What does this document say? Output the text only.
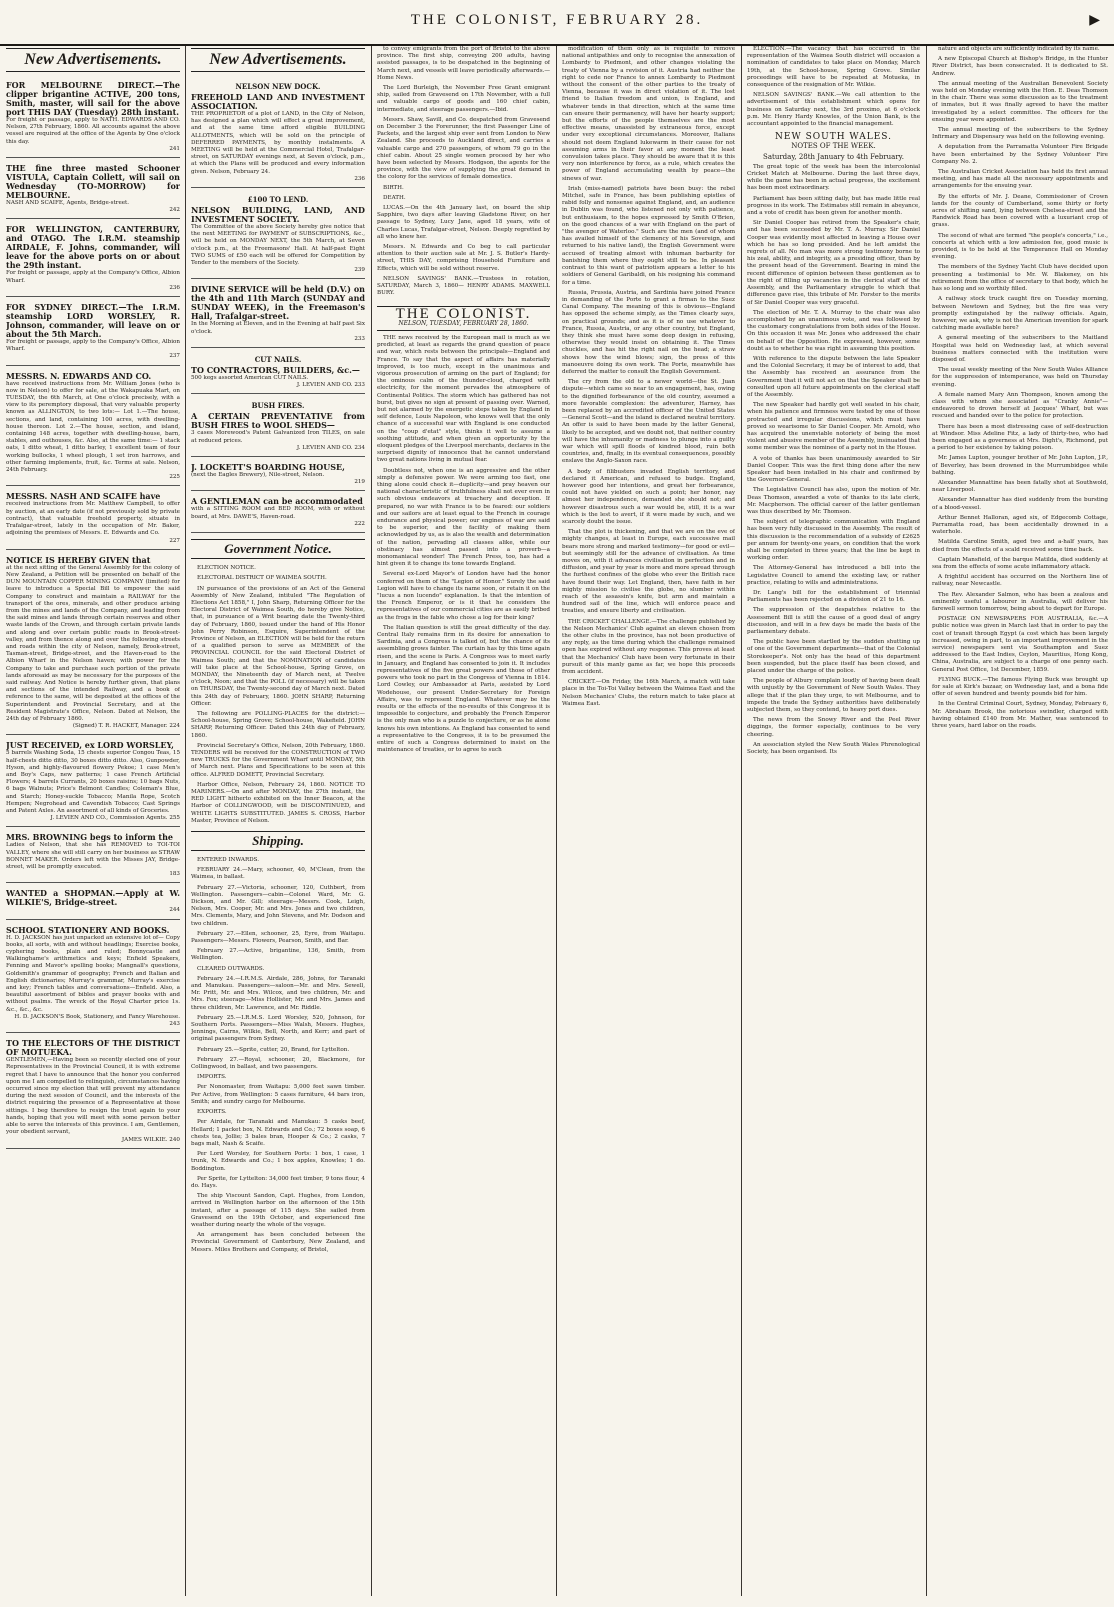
THE COLONIST, FEBRUARY 28.	▶
New Advertisements.
FOR MELBOURNE DIRECT.—The clipper brigantine ACTIVE, 200 tons, Smith, master, will sail for the above port THIS DAY (Tuesday) 28th instant.
For freight or passage, apply to NATH. EDWARDS AND CO. Nelson, 27th February, 1860. All accounts against the above vessel are required at the office of the Agents by One o'clock this day.
241
THE fine three masted Schooner VISTULA, Captain Collett, will sail on Wednesday (TO-MORROW) for MELBOURNE.
NASH AND SCAIFE, Agents, Bridge-street.
242
FOR WELLINGTON, CANTERBURY, and OTAGO. The I.R.M. steamship AIRDALE, F. Johns, commander, will leave for the above ports on or about the 29th instant.
For freight or passage, apply at the Company's Office, Albion Wharf.
236
FOR SYDNEY DIRECT.—The I.R.M. steamship LORD WORSLEY, R. Johnson, commander, will leave on or about the 5th March.
For freight or passage, apply to the Company's Office, Albion Wharf.
237
MESSRS. N. EDWARDS AND CO.
have received instructions from Mr. William Jones (who is now in Nelson) to offer for sale, at the Wakapuaka Mart, on TUESDAY, the 6th March, at One o'clock precisely, with a view to its peremptory disposal, that very valuable property known as ALLINGTON, to two lots:— Lot 1.—The house, sections, and land, containing 100 acres, with dwelling-house thereon. Lot 2.—The house, section, and island, containing 148 acres, together with dwelling-house, barn, stables, and outhouses, &c. Also, at the same time:— 1 stack oats, 1 ditto wheat, 1 ditto barley, 1 excellent team of four working bullocks, 1 wheel plough, 1 set iron harrows, and other farming implements, fruit, &c. Terms at sale. Nelson, 24th February.
225
MESSRS. NASH AND SCAIFE have
received instructions from Mr. Matthew Campbell, to offer by auction, at an early date (if not previously sold by private contract), that valuable freehold property, situate in Trafalgar-street, lately in the occupation of Mr. Baker, adjoining the premises of Messrs. E. Edwards and Co.
227
NOTICE IS HEREBY GIVEN that
at the next sitting of the General Assembly for the colony of New Zealand, a Petition will be presented on behalf of the DUN MOUNTAIN COPPER MINING COMPANY (limited) for leave to introduce a Special Bill to empower the said Company to construct and maintain a RAILWAY for the transport of the ores, minerals, and other produce arising from the mines and lands of the Company, and leading from the said mines and lands through certain reserves and other waste lands of the Crown, and through certain private lands and along and over certain public roads in Brook-street-valley, and from thence along and over the following streets and roads within the city of Nelson, namely, Brook-street, Tasman-street, Bridge-street, and the Haven-road to the Albion Wharf in the Nelson haven; with power for the Company to take and purchase such portion of the private lands aforesaid as may be necessary for the purposes of the said railway. And Notice is hereby further given, that plans and sections of the intended Railway, and a book of reference to the same, will be deposited at the offices of the Superintendent and Provincial Secretary, and at the Resident Magistrate's Office, Nelson. Dated at Nelson, the 24th day of February 1860.
(Signed) T. R. HACKET, Manager. 224
JUST RECEIVED, ex LORD WORSLEY,
5 barrels Washing Soda, 15 chests superior Congou Teas, 15 half-chests ditto ditto, 30 boxes ditto ditto. Also, Gunpowder, Hyson, and highly-flavoured flowery Pekoe; 1 case Men's and Boy's Caps, new patterns; 1 case French Artificial Flowers; 4 barrels Currants, 20 boxes raisins; 10 bags Nuts, 6 bags Walnuts; Price's Belmont Candles; Coleman's Blue, and Starch; Honey-suckle Tobacco; Manila Rope, Scotch Hempen; Negrohead and Cavendish Tobacco; Cast Springs and Patent Axles. An assortment of all kinds of Groceries.
J. LEVIEN AND CO., Commission Agents. 255
MRS. BROWNING begs to inform the
Ladies of Nelson, that she has REMOVED to TOI-TOI VALLEY, where she will still carry on her business as STRAW BONNET MAKER. Orders left with the Misses JAY, Bridge-street, will be promptly executed.
183
WANTED a SHOPMAN.—Apply at W. WILKIE'S, Bridge-street.
244
SCHOOL STATIONERY AND BOOKS.
H. D. JACKSON has just unpacked an extensive lot of— Copy books, all sorts, with and without headlings; Exercise books, cyphering books, plain and ruled; Bonnycastle and Walkinghame's arithmetics and keys; Enfield Speakers, Fenning and Mavor's spelling books; Mangnall's questions, Goldsmith's grammar of geography; French and Italian and English dictionaries; Murray's grammar, Murray's exercise and key; French tables and conversations—Enfield. Also, a beautiful assortment of bibles and prayer books with and without psalms. The wreck of the Royal Charter price 1s. &c., &c., &c.
H. D. JACKSON'S Book, Stationery, and Fancy Warehouse. 243
TO THE ELECTORS OF THE DISTRICT OF MOTUEKA.
GENTLEMEN,—Having been so recently elected one of your Representatives in the Provincial Council, it is with extreme regret that I have to announce that the honor you conferred upon me I am compelled to relinquish, circumstances having occurred since my election that will prevent my attendance during the next session of Council, and the interests of the district requiring the presence of a Representative at those sittings. I beg therefore to resign the trust again to your hands, hoping that you will meet with some person better able to serve the interests of this province. I am, Gentlemen, your obedient servant,
JAMES WILKIE. 240
New Advertisements.
NELSON NEW DOCK.
FREEHOLD LAND AND INVESTMENT ASSOCIATION.
THE PROPRIETOR of a plot of LAND, in the City of Nelson, has designed a plan which will effect a great improvement, and at the same time afford eligible BUILDING ALLOTMENTS, which will be sold on the principle of DEFERRED PAYMENTS, by monthly instalments. A MEETING will be held at the Commercial Hotel, Trafalgar-street, on SATURDAY evenings next, at Seven o'clock, p.m., at which the Plans will be produced and every information given. Nelson, February 24.
236
£100 TO LEND.
NELSON BUILDING, LAND, AND INVESTMENT SOCIETY.
The Committee of the above Society hereby give notice that the next MEETING for PAYMENT of SUBSCRIPTIONS, &c., will be held on MONDAY NEXT, the 5th March, at Seven o'clock p.m., at the Freemasons' Hall. At half-past Eight TWO SUMS of £50 each will be offered for Competition by Tender to the members of the Society.
239
DIVINE SERVICE will be held (D.V.) on the 4th and 11th March (SUNDAY and SUNDAY WEEK), in the Freemason's Hall, Trafalgar-street.
In the Morning at Eleven, and in the Evening at half past Six o'clock.
233
CUT NAILS.
TO CONTRACTORS, BUILDERS, &c.—
500 kegs assorted American CUT NAILS.
J. LEVIEN AND CO. 233
BUSH FIRES.
A CERTAIN PREVENTATIVE from BUSH FIRES to WOOL SHEDS—
3 cases Morewood's Patent Galvanized Iron TILES, on sale at reduced prices.
J. LEVIEN AND CO. 234
J. LOCKETT'S BOARDING HOUSE,
(next the Eagles Brewery), Nile-street, Nelson.
219
A GENTLEMAN can be accommodated
with a SITTING ROOM and BED ROOM, with or without board, at Mrs. DAWE'S, Haven-road.
222
Government Notice.

ELECTION NOTICE.

ELECTORAL DISTRICT OF WAIMEA SOUTH.

IN pursuance of the provisions of an Act of the General Assembly of New Zealand, intituled "The Regulation of Elections Act 1858," I, John Sharp, Returning Officer for the Electoral District of Waimea South, do hereby give Notice, that, in pursuance of a Writ bearing date the Twenty-third day of February, 1860, issued under the hand of His Honor John Perry Robinson, Esquire, Superintendent of the Province of Nelson, an ELECTION will be held for the return of a qualified person to serve as MEMBER of the PROVINCIAL COUNCIL for the said Electoral District of Waimea South; and that the NOMINATION of candidates will take place at the School-house, Spring Grove, on MONDAY, the Nineteenth day of March next, at Twelve o'clock, Noon; and that the POLL (if necessary) will be taken on THURSDAY, the Twenty-second day of March next. Dated this 24th day of February, 1860. JOHN SHARP, Returning Officer.

The following are POLLING-PLACES for the district:— School-house, Spring Grove; School-house, Wakefield. JOHN SHARP, Returning Officer. Dated this 24th day of February, 1860.

Provincial Secretary's Office, Nelson, 20th February, 1860. TENDERS will be received for the CONSTRUCTION of TWO new TRUCKS for the Government Wharf until MONDAY, 5th of March next. Plans and Specifications to be seen at this office. ALFRED DOMETT, Provincial Secretary.

Harbor Office, Nelson, February 24, 1860. NOTICE TO MARINERS.—On and after MONDAY, the 27th instant, the RED LIGHT hitherto exhibited on the Inner Beacon, at the Harbor of COLLINGWOOD, will be DISCONTINUED, and WHITE LIGHTS SUBSTITUTED. JAMES S. CROSS, Harbor Master, Province of Nelson.

Shipping.

ENTERED INWARDS.

FEBRUARY 24.—Mary, schooner, 40, M'Clean, from the Waimea, in ballast.

February 27.—Victoria, schooner, 120, Cuthbert, from Wellington. Passengers—cabin—Colonel Ward, Mr. G. Dickson, and Mr. Gill; steerage—Messrs. Cook, Leigh, Nelson, Mrs. Cooper, Mr. and Mrs. Jones and two children, Mrs. Clements, Mary, and John Stevens, and Mr. Dodson and two children.

February 27.—Ellen, schooner, 25, Eyre, from Waitapu. Passengers—Messrs. Flowers, Pearson, Smith, and Bar.

February 27.—Active, brigantine, 136, Smith, from Wellington.

CLEARED OUTWARDS.

February 24.—I.R.M.S. Airdale, 286, Johns, for Taranaki and Manukau. Passengers—saloon—Mr. and Mrs. Sewell, Mr. Pritt, Mr. and Mrs. Wilcox, and two children, Mr. and Mrs. Fox; steerage—Miss Hollister, Mr. and Mrs. James and three children, Mr. Lawrence, and Mr. Riddle.

February 25.—I.R.M.S. Lord Worsley, 520, Johnson, for Southern Ports. Passengers—Miss Walsh, Messrs. Hughes, Jennings, Cairns, Wilkie, Bell, North, and Kerr; and part of original passengers from Sydney.

February 25.—Sprite, cutter, 20, Brand, for Lyttelton.

February 27.—Royal, schooner, 20, Blackmore, for Collingwood, in ballast, and two passengers.

IMPORTS.

Per Nonomaster, from Waitapu: 5,000 feet sawn timber. Per Active, from Wellington: 5 cases furniture, 44 bars iron, Smith; and sundry cargo for Melbourne.

EXPORTS.

Per Airdale, for Taranaki and Manukau: 5 casks beef, Hellard; 1 packet box, N. Edwards and Co.; 72 boxes soap, 6 chests tea, Jollie; 3 bales bran, Hooper & Co.; 2 casks, 7 bags malt, Nash & Scaife.

Per Lord Worsley, for Southern Ports: 1 box, 1 case, 1 trunk, N. Edwards and Co.; 1 box apples, Knowles; 1 do. Boddington.

Per Sprite, for Lyttelton: 34,000 feet timber, 9 tons flour, 4 do. Hays.

The ship Viscount Sandon, Capt. Hughes, from London, arrived in Wellington harbor on the afternoon of the 15th instant, after a passage of 115 days. She sailed from Gravesend on the 19th October, and experienced fine weather during nearly the whole of the voyage.

An arrangement has been concluded between the Provincial Government of Canterbury, New Zealand, and Messrs. Miles Brothers and Company, of Bristol,

to convey emigrants from the port of Bristol to the above province. The first ship, conveying 200 adults, having assisted passages, is to be despatched in the beginning of March next, and vessels will leave periodically afterwards.—Home News.

The Lord Burleigh, the November Free Grant emigrant ship, sailed from Gravesend on 17th November, with a full and valuable cargo of goods and 160 chief cabin, intermediate, and steerage passengers.—Ibid.

Messrs. Shaw, Savill, and Co. despatched from Gravesend on December 3 the Forerunner, the first Passenger Line of Packets, and the largest ship ever sent from London to New Zealand. She proceeds to Auckland direct, and carries a valuable cargo and 270 passengers, of whom 79 go in the chief cabin. About 25 single women proceed by her who have been selected by Messrs. Hodgson, the agents for the province, with the view of supplying the great demand in the colony for the services of female domestics.

BIRTH.

DEATH.

LUCAS.—On the 4th January last, on board the ship Sapphire, two days after leaving Gladstone River, on her passage to Sydney, Lucy Jane, aged 18 years, wife of Charles Lucas, Trafalgar-street, Nelson. Deeply regretted by all who knew her.

Messrs. N. Edwards and Co beg to call particular attention to their auction sale at Mr. J. S. Butler's Hardy-street, THIS DAY, comprising Household Furniture and Effects, which will be sold without reserve.

NELSON SAVINGS' BANK.—Trustees in rotation, SATURDAY, March 3, 1860— HENRY ADAMS. MAXWELL BURY.

THE COLONIST.
NELSON, TUESDAY, FEBRUARY 28, 1860.

THE news received by the European mail is much as we predicted, at least as regards the grand question of peace and war, which rests between the principals—England and France. To say that the aspect of affairs has materially improved, is too much, except in the unanimous and vigorous prosecution of arming on the part of England; for the ominous calm of the thunder-cloud, charged with electricity, for the moment pervades the atmosphere of Continental Politics. The storm which has gathered has not burst, but gives no sign at present of passing over. Warned, but not alarmed by the energetic steps taken by England in self defence, Louis Napoleon, who knows well that the only chance of a successful war with England is one conducted on the "coup d'etat" style, thinks it well to assume a soothing attitude, and when given an opportunity by the eloquent pledges of the Liverpool merchants, declares in the surprised dignity of innocence that he cannot understand two great nations living in mutual fear.

Doubtless not, when one is an aggressive and the other simply a defensive power. We were arming too fast, one thing alone could check it—duplicity—and pray heaven our national characteristic of truthfulness shall not ever even in such obvious endeavors at treachery and deception. If prepared, no war with France is to be feared: our soldiers and our sailors are at least equal to the French in courage endurance and physical power; our engines of war are said to be superior, and the facility of making them acknowledged by us, as is also the wealth and determination of the nation, pervading all classes alike, while our obstinacy has almost passed into a proverb—a monomaniacal wonder! The French Press, too, has had a hint given it to change its tone towards England.

Several ex-Lord Mayor's of London have had the honor conferred on them of the "Legion of Honor." Surely the said Legion will have to change its name soon, or retain it on the "lucus a non lucendo" explanation. Is that the intention of the French Emperor, or is it that he considers the representatives of our commercial cities are as easily bribed as the frogs in the fable who chose a log for their king?

The Italian question is still the great difficulty of the day. Central Italy remains firm in its desire for annexation to Sardinia, and a Congress is talked of, but the chance of its assembling grows fainter. The curtain has by this time again risen, and the scene is Paris. A Congress was to meet early in January, and England has consented to join it. It includes representatives of the five great powers and those of other powers who took no part in the Congress of Vienna in 1814. Lord Cowley, our Ambassador at Paris, assisted by Lord Wodehouse, our present Under-Secretary for Foreign Affairs, was to represent England. Whatever may be the results or the effects of the no-results of this Congress it is impossible to conjecture, and probably the French Emperor is the only man who is a puzzle to conjecture, or as he alone knows his own intentions. As England has consented to send a representative to the Congress, it is to be presumed the entire of such a Congress determined to insist on the maintenance of treaties, or to agree to such

modification of them only as is requisite to remove national antipathies and only to recognise the annexation of Lombardy to Piedmont, and other changes violating the treaty of Vienna by a revision of it. Austria had neither the right to cede nor France to annex Lombardy to Piedmont without the consent of the other parties to the treaty of Vienna, because it was in direct violation of it. The lost friend to Italian freedom and union, is England, and whatever tends in that direction, which at the same time can ensure their permanency, will have her hearty support; but the efforts of the people themselves are the most effective means, unassisted by extraneous force, except under very exceptional circumstances. Moreover, Italians should not deem England lukewarm in their cause for not assuming arms in their favor at any moment the least convulsion takes place. They should be aware that it is this very non interference by force, as a rule, which creates the power of England accumulating wealth by peace—the sinews of war.

Irish (miss-named) patriots have been busy: the rebel Mitchel, safe in France, has been publishing epistles of rabid folly and nonsense against England, and, an audience in Dublin was found, who listened not only with patience, but enthusiasm, to the hopes expressed by Smith O'Brien, on the good chances of a war with England on the part of "the avenger of Waterloo." Such are the men (and of whom has availed himself of the clemency of his Sovereign, and returned to his native land), the English Government were accused of treating almost with inhuman barbarity for banishing them where they ought still to be. In pleasant contrast to this want of patriotism appears a letter to his soldiers of General Garibaldi, on his resigning his command for a time.

Russia, Prussia, Austria, and Sardinia have joined France in demanding of the Porte to grant a firman to the Suez Canal Company. The meaning of this is obvious—England has opposed the scheme simply, as the Times clearly says, on practical grounds; and as it is of no use whatever to France, Russia, Austria, or any other country, but England, they think she must have some deep design in refusing, otherwise they would insist on obtaining it. The Times chuckles, and has hit the right nail on the head; a straw shows how the wind blows; sign, the press of this manoeuvre doing its own work. The Porte, meanwhile has deferred the matter to consult the English Government.

The cry from the old to a newer world—the St. Juan dispute—which came so near to an engagement, has, owing to the dignified forbearance of the old country, assumed a more favorable complexion: the adventurer, Harney, has been replaced by an accredited officer of the United States—General Scott—and the island is declared neutral territory. An offer is said to have been made by the latter General, likely to be accepted, and we doubt not, that neither country will have the inhumanity or madness to plunge into a guilty war which will spill floods of kindred blood, ruin both countries, and, finally, in its eventual consequences, possibly enslave the Anglo-Saxon race.

A body of filibusters invaded English territory, and declared it American, and refused to budge. England, however good her intentions, and great her forbearance, could not have yielded on such a point; her honor, nay almost her independence, demanded she should not; and however disastrous such a war would be, still, it is a war which is the lest to avert, if it were made by such, and we scarcely doubt the issue.

That the plot is thickening, and that we are on the eve of mighty changes, at least in Europe, each successive mail bears more strong and marked testimony—for good or evil—but seemingly still for the advance of civilisation. As time moves on, with it advances civilisation in perfection and in diffusion, and year by year is more and more spread through the furthest confines of the globe who ever the British race have found their way. Let England, then, have faith in her mighty mission to civilise the globe, no slumber within reach of the assassin's knife, but arm and maintain a hundred sail of the line, which will enforce peace and treaties, and ensure liberty and civilisation.

THE CRICKET CHALLENGE.—The challenge published by the Nelson Mechanics' Club against an eleven chosen from the other clubs in the province, has not been productive of any reply, as the time during which the challenge remained open has expired without any response. This proves at least that the Mechanics' Club have been very fortunate in their pursuit of this manly game as far, we hope this proceeds from accident.

CRICKET.—On Friday, the 16th March, a match will take place in the Toi-Toi Valley between the Waimea East and the Nelson Mechanics' Clubs, the return match to take place at Waimea East.

ELECTION.—The vacancy that has occurred in the representation of the Waimea South district will occasion a nomination of candidates to take place on Monday, March 19th, at the School-house, Spring Grove. Similar proceedings will have to be repeated at Motueka, in consequence of the resignation of Mr. Wilkie.

NELSON SAVINGS' BANK.—We call attention to the advertisement of this establishment which opens for business on Saturday next, the 3rd proximo, at 6 o'clock p.m. Mr. Henry Hardy Knowles, of the Union Bank, is the accountant appointed to the financial management.

NEW SOUTH WALES.
NOTES OF THE WEEK.
Saturday, 28th January to 4th February.

The great topic of the week has been the intercolonial Cricket Match at Melbourne. During the last three days, while the game has been in actual progress, the excitement has been most extraordinary.

Parliament has been sitting daily, but has made little real progress in its work. The Estimates still remain in abeyance, and a vote of credit has been given for another month.

Sir Daniel Cooper has retired from the Speaker's chair, and has been succeeded by Mr. T. A. Murray. Sir Daniel Cooper was evidently most affected in leaving a House over which he has so long presided. And he left amidst the regrets of all. No man was more strong testimony borne to his zeal, ability, and integrity, as a presiding officer, than by the present head of the Government. Bearing in mind the recent difference of opinion between these gentlemen as to the right of filling up vacancies in the clerical staff of the Assembly, and the Parliamentary struggle to which that difference gave rise, this tribute of Mr. Forster to the merits of Sir Daniel Cooper was very graceful.

The election of Mr. T. A. Murray to the chair was also accomplished by an unanimous vote, and was followed by the customary congratulations from both sides of the House. On this occasion it was Mr. Jones who addressed the chair on behalf of the Opposition. He expressed, however, some doubt as to whether he was right in assuming this position.

With reference to the dispute between the late Speaker and the Colonial Secretary, it may be of interest to add, that the Assembly has received an assurance from the Government that it will not act on that the Speaker shall be consulted upon all future appointments on the clerical staff of the Assembly.

The new Speaker had hardly got well seated in his chair, when his patience and firmness were tested by one of those protracted and irregular discussions, which must have proved so wearisome to Sir Daniel Cooper. Mr. Arnold, who has acquired the unenviable notoriety of being the most violent and abusive member of the Assembly, insinuated that some member was the nominee of a party not in the House.

A vote of thanks has been unanimously awarded to Sir Daniel Cooper. This was the first thing done after the new Speaker had been installed in his chair and confirmed by the Governor-General.

The Legislative Council has also, upon the motion of Mr. Deas Thomson, awarded a vote of thanks to its late clerk, Mr. Macpherson. The official career of the latter gentleman was thus described by Mr. Thomson.

The subject of telegraphic communication with England has been very fully discussed in the Assembly. The result of this discussion is the recommendation of a subsidy of £2625 per annum for twenty-one years, on condition that the work shall be completed in three years; that the line be kept in working order.

The Attorney-General has introduced a bill into the Legislative Council to amend the existing law, or rather practice, relating to wills and administrations.

Dr. Lang's bill for the establishment of triennial Parliaments has been rejected on a division of 21 to 16.

The suppression of the despatches relative to the Assessment Bill is still the cause of a good deal of angry discussion, and will in a few days be made the basis of the parliamentary debate.

The public have been startled by the sudden shutting up of one of the Government departments—that of the Colonial Storekeeper's. Not only has the head of this department been suspended, but the place itself has been closed, and placed under the charge of the police.

The people of Albury complain loudly of having been dealt with unjustly by the Government of New South Wales. They allege that if the plan they urge, to wit Melbourne, and to impede the trade the Sydney authorities have deliberately subjected them, so they contend, to heavy port dues.

The news from the Snowy River and the Peel River diggings, the former especially, continues to be very cheering.

An association styled the New South Wales Phrenological Society, has been organised. Its

nature and objects are sufficiently indicated by its name.

A new Episcopal Church at Bishop's Bridge, in the Hunter River District, has been consecrated. It is dedicated to St. Andrew.

The annual meeting of the Australian Benevolent Society was held on Monday evening with the Hon. E. Deas Thomson in the chair. There was some discussion as to the treatment of inmates, but it was finally agreed to have the matter investigated by a select committee. The officers for the ensuing year were appointed.

The annual meeting of the subscribers to the Sydney Infirmary and Dispensary was held on the following evening.

A deputation from the Parramatta Volunteer Fire Brigade have been entertained by the Sydney Volunteer Fire Company No. 2.

The Australian Cricket Association has held its first annual meeting, and has made all the necessary appointments and arrangements for the ensuing year.

By the efforts of Mr. J. Deane, Commissioner of Crown lands for the county of Cumberland, some thirty or forty acres of shifting sand, lying between Chelsea-street and the Randwick Road has been covered with a luxuriant crop of grass.

The second of what are termed "the people's concerts," i.e., concerts at which with a low admission fee, good music is provided, is to be held at the Temperance Hall on Monday evening.

The members of the Sydney Yacht Club have decided upon presenting a testimonial to Mr. W. Blakeney, on his retirement from the office of secretary to that body, which he has so long and so worthily filled.

A railway stock truck caught fire on Tuesday morning, between Newtown and Sydney, but the fire was very promptly extinguished by the railway officials. Again, however, we ask, why is not the American invention for spark catching made available here?

A general meeting of the subscribers to the Maitland Hospital was held on Wednesday last, at which several business matters connected with the institution were disposed of.

The usual weekly meeting of the New South Wales Alliance for the suppression of intemperance, was held on Thursday evening.

A female named Mary Ann Thompson, known among the class with whom she associated as "Cranky Annie"—endeavored to drown herself at Jacques' Wharf, but was rescued and handed over to the police for protection.

There has been a most distressing case of self-destruction at Windsor. Miss Adeline Fitz, a lady of thirty-two, who had been engaged as a governess at Mrs. Dight's, Richmond, put a period to her existence by taking poison.

Mr. James Lupton, younger brother of Mr. John Lupton, J.P., of Beverley, has been drowned in the Murrumbidgee while bathing.

Alexander Mannattine has been fatally shot at Southwold, near Liverpool.

Alexander Mannattur has died suddenly from the bursting of a blood-vessel.

Arthur Bennet Halloran, aged six, of Edgecomb Cottage, Parramatta road, has been accidentally drowned in a waterhole.

Matilda Caroline Smith, aged two and a-half years, has died from the effects of a scald received some time back.

Captain Mansfield, of the barque Matilda, died suddenly at sea from the effects of some acute inflammatory attack.

A frightful accident has occurred on the Northern line of railway, near Newcastle.

The Rev. Alexander Salmon, who has been a zealous and eminently useful a labourer in Australia, will deliver his farewell sermon tomorrow, being about to depart for Europe.

POSTAGE ON NEWSPAPERS FOR AUSTRALIA, &c.—A public notice was given in March last that in order to pay the cost of transit through Egypt (a cost which has been largely increased, owing in part, to an important improvement in the service) newspapers sent via Southampton and Suez addressed to the East Indies, Ceylon, Mauritius, Hong Kong, China, Australia, are subject to a charge of one penny each. General Post Office, 1st December, 1859.

FLYING BUCK.—The famous Flying Buck was brought up for sale at Kirk's bazaar, on Wednesday last, and a bona fide offer of seven hundred and twenty pounds bid for him.

In the Central Criminal Court, Sydney, Monday, February 6, Mr. Abraham Brook, the notorious swindler, charged with having obtained £140 from Mr. Mather, was sentenced to three years, hard labor on the roads.
